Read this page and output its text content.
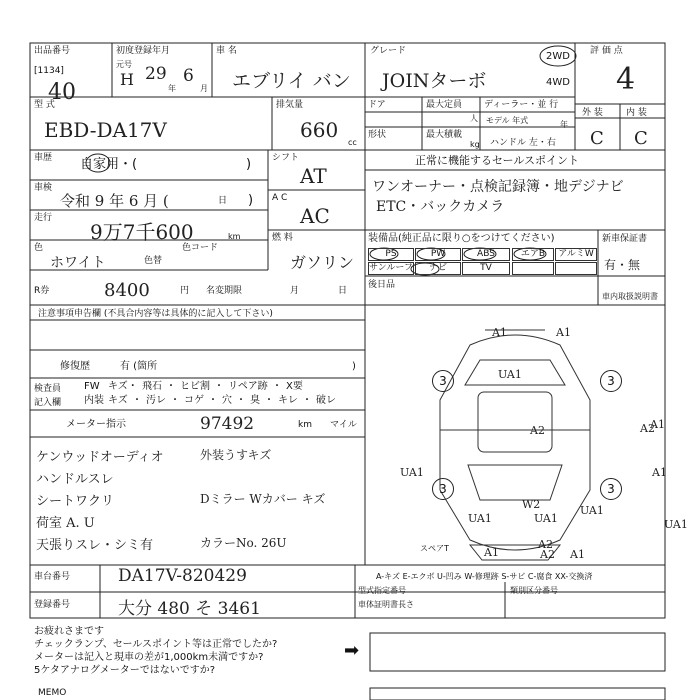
出品番号
[1134]
40
初度登録年月
元号
H 29
年
6
月
車 名
エブリイ バン
グレード
JOINターボ
2WD
4WD
評 価 点
4
外 装	内 装
C C
型 式
EBD-DA17V
排気量
660
cc
ドア	最大定員
人
ディーラー・並 行
モデル 年式	年
形状	最大積載
kg ハンドル 左・右
車歴 自家用・(	)
車検
令和 9 年 6 月 (	日 )
走行
9万7千600	km
色
ホワイト	色替
色コード
シフト
AT
A C
AC
燃 料
ガソリン
正常に機能するセールスポイント
ワンオーナー・点検記録簿・地デジナビ
ETC・バックカメラ
装備品(純正品に限り○をつけてください)
PS	PW	ABS	エアB	アルミW
サンルーフ	ナビ	TV
新車保証書
有・無
車内取扱説明書
後日品
R券	8400	円 名変期限	月	日
注意事項申告欄 (不具合内容等は具体的に記入して下さい)
修復歴	有 (箇所	)
検査員
記入欄
FW キズ・ 飛石 ・ ヒビ割 ・ リペア跡 ・ X要
内装 キズ ・ 汚レ ・ コゲ ・ 穴 ・ 臭 ・ キレ ・ 破レ
メーター指示	97492	km マイル
ケンウッドオーディオ	外装うすキズ
ハンドルスレ
シートワクリ	Dミラー Wカバー キズ
荷室 A. U
天張りスレ・シミ有	カラーNo. 26U
A1	A1
A1
UA1
3	3
3	3
A2
A2
A1
UA1
UA1
W2
UA1
A2
UA1
UA1
A1	A2 A1
スペアT
車台番号	DA17V-820429
登録番号	大分 480 そ 3461
A-キズ E-エクボ U-凹み W-修理跡 S-サビ C-腐食 XX-交換済
型式指定番号	類別区分番号
車体証明書長さ
お疲れさまです
チェックランプ、セールスポイント等は正常でしたか?
メーターは記入と現車の差が1,000km未満ですか?
5ケタアナログメーターではないですか?
MEMO
➡
